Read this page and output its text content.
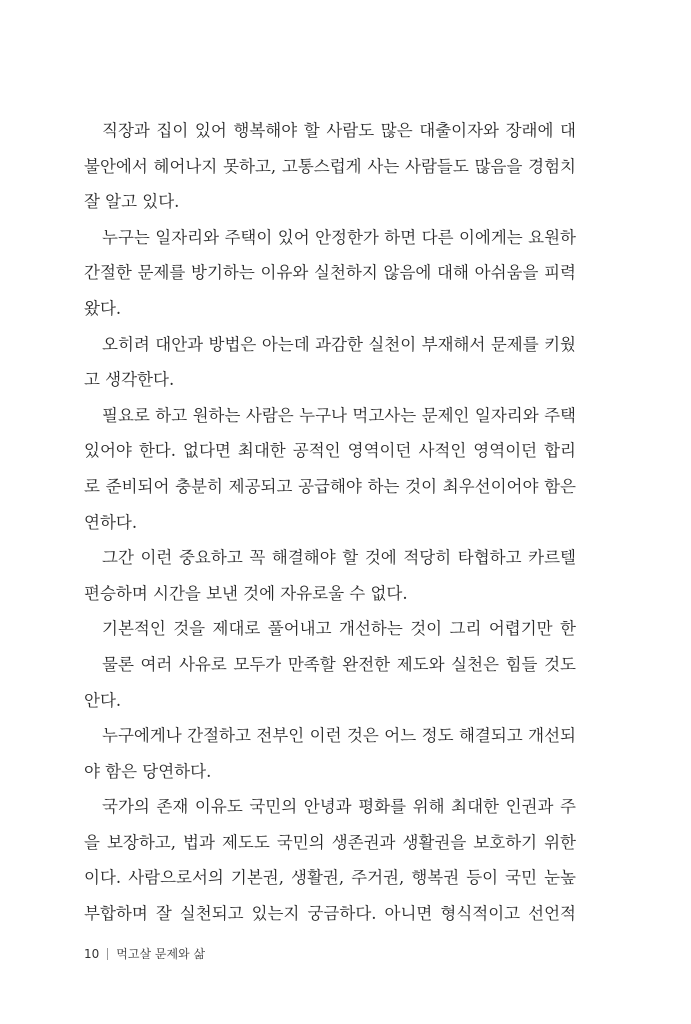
직장과 집이 있어 행복해야 할 사람도 많은 대출이자와 장래에 대
불안에서 헤어나지 못하고, 고통스럽게 사는 사람들도 많음을 경험치
잘 알고 있다.
누구는 일자리와 주택이 있어 안정한가 하면 다른 이에게는 요원하
간절한 문제를 방기하는 이유와 실천하지 않음에 대해 아쉬움을 피력
왔다.
오히려 대안과 방법은 아는데 과감한 실천이 부재해서 문제를 키웠
고 생각한다.
필요로 하고 원하는 사람은 누구나 먹고사는 문제인 일자리와 주택
있어야 한다. 없다면 최대한 공적인 영역이던 사적인 영역이던 합리
로 준비되어 충분히 제공되고 공급해야 하는 것이 최우선이어야 함은
연하다.
그간 이런 중요하고 꼭 해결해야 할 것에 적당히 타협하고 카르텔
편승하며 시간을 보낸 것에 자유로울 수 없다.
기본적인 것을 제대로 풀어내고 개선하는 것이 그리 어렵기만 한
물론 여러 사유로 모두가 만족할 완전한 제도와 실천은 힘들 것도
안다.
누구에게나 간절하고 전부인 이런 것은 어느 정도 해결되고 개선되
야 함은 당연하다.
국가의 존재 이유도 국민의 안녕과 평화를 위해 최대한 인권과 주
을 보장하고, 법과 제도도 국민의 생존권과 생활권을 보호하기 위한
이다. 사람으로서의 기본권, 생활권, 주거권, 행복권 등이 국민 눈높
부합하며 잘 실천되고 있는지 궁금하다. 아니면 형식적이고 선언적
10 먹고살 문제와 삶
